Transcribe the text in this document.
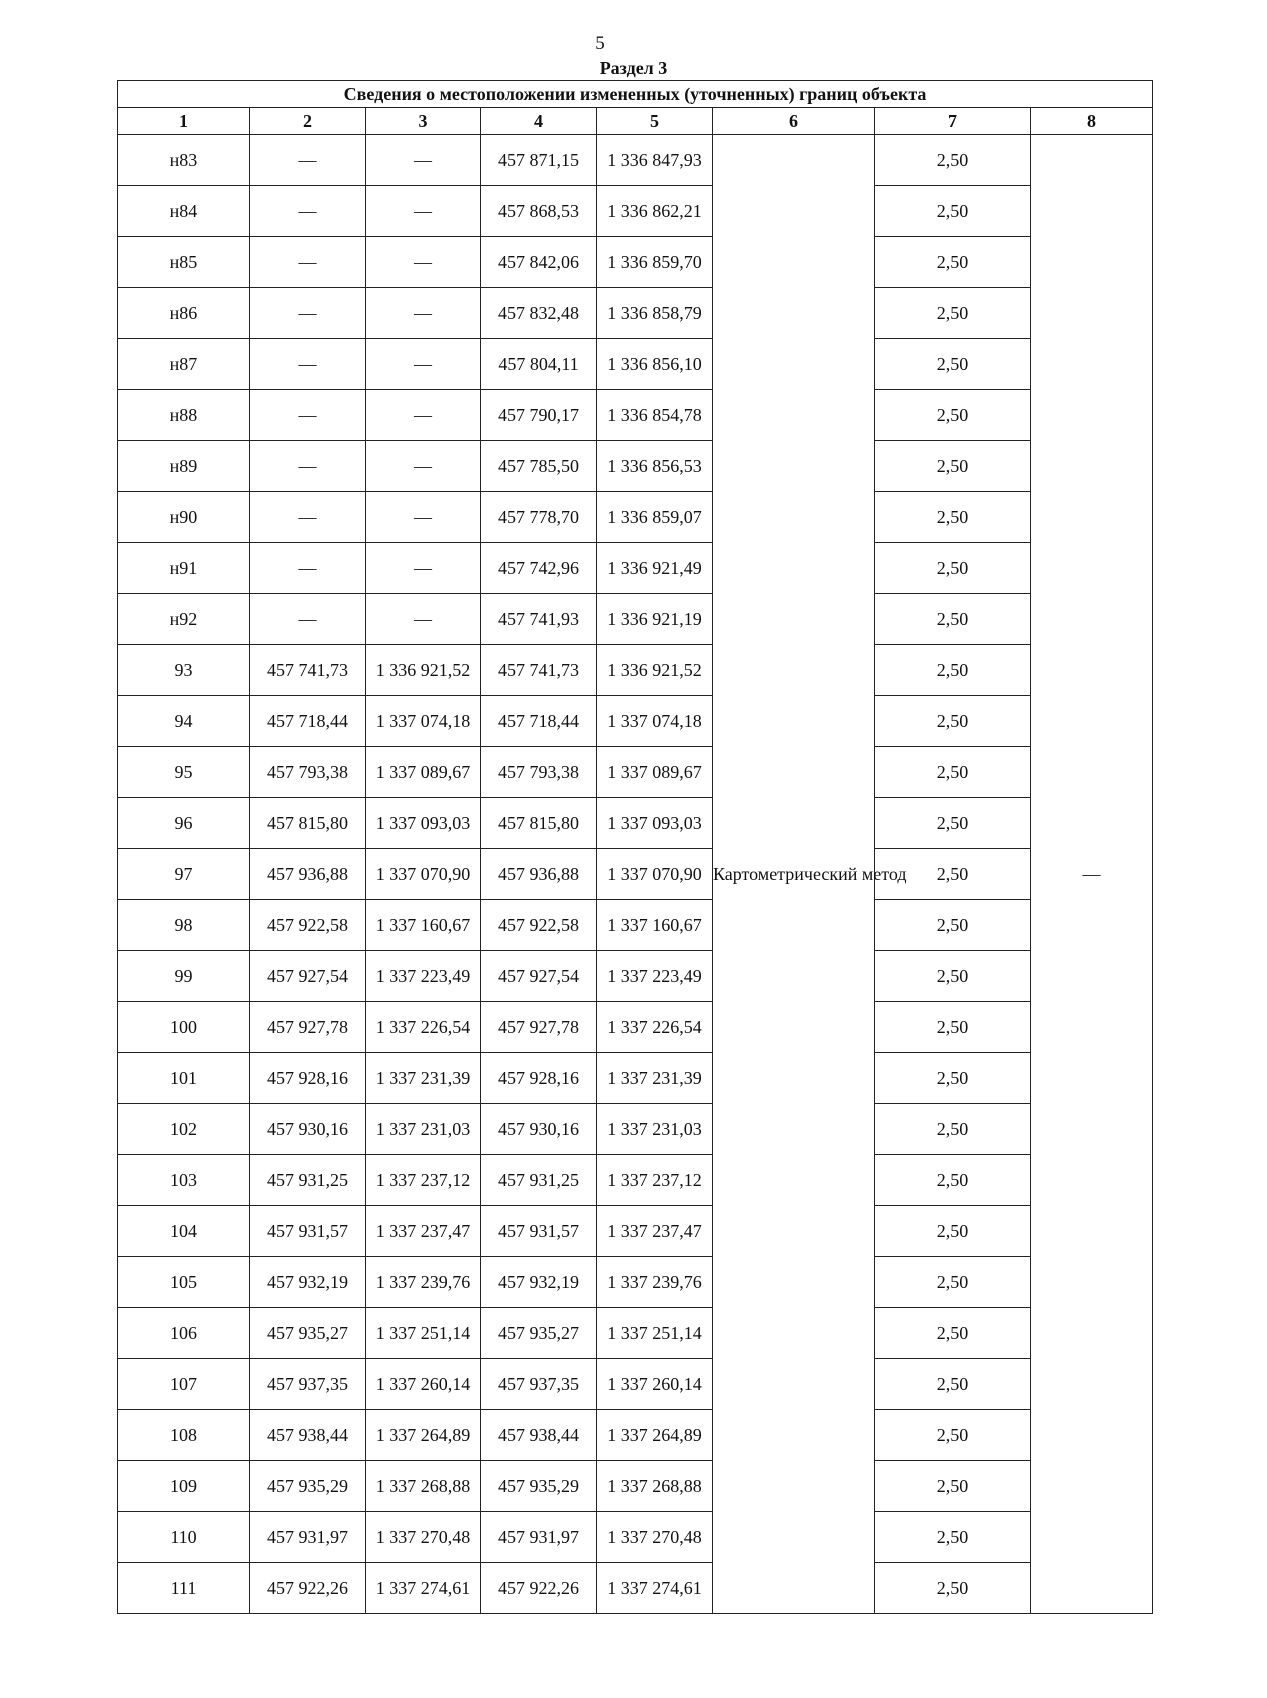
5
Раздел 3
Сведения о местоположении измененных (уточненных) границ объекта							
1	2	3	4	5	6	7	8
н83	—	—	457 871,15	1 336 847,93	Картометрический метод	2,50	—
н84	—	—	457 868,53	1 336 862,21		2,50	
н85	—	—	457 842,06	1 336 859,70		2,50	
н86	—	—	457 832,48	1 336 858,79		2,50	
н87	—	—	457 804,11	1 336 856,10		2,50	
н88	—	—	457 790,17	1 336 854,78		2,50	
н89	—	—	457 785,50	1 336 856,53		2,50	
н90	—	—	457 778,70	1 336 859,07		2,50	
н91	—	—	457 742,96	1 336 921,49		2,50	
н92	—	—	457 741,93	1 336 921,19		2,50	
93	457 741,73	1 336 921,52	457 741,73	1 336 921,52		2,50	
94	457 718,44	1 337 074,18	457 718,44	1 337 074,18		2,50	
95	457 793,38	1 337 089,67	457 793,38	1 337 089,67		2,50	
96	457 815,80	1 337 093,03	457 815,80	1 337 093,03		2,50	
97	457 936,88	1 337 070,90	457 936,88	1 337 070,90		2,50	
98	457 922,58	1 337 160,67	457 922,58	1 337 160,67		2,50	
99	457 927,54	1 337 223,49	457 927,54	1 337 223,49		2,50	
100	457 927,78	1 337 226,54	457 927,78	1 337 226,54		2,50	
101	457 928,16	1 337 231,39	457 928,16	1 337 231,39		2,50	
102	457 930,16	1 337 231,03	457 930,16	1 337 231,03		2,50	
103	457 931,25	1 337 237,12	457 931,25	1 337 237,12		2,50	
104	457 931,57	1 337 237,47	457 931,57	1 337 237,47		2,50	
105	457 932,19	1 337 239,76	457 932,19	1 337 239,76		2,50	
106	457 935,27	1 337 251,14	457 935,27	1 337 251,14		2,50	
107	457 937,35	1 337 260,14	457 937,35	1 337 260,14		2,50	
108	457 938,44	1 337 264,89	457 938,44	1 337 264,89		2,50	
109	457 935,29	1 337 268,88	457 935,29	1 337 268,88		2,50	
110	457 931,97	1 337 270,48	457 931,97	1 337 270,48		2,50	
111	457 922,26	1 337 274,61	457 922,26	1 337 274,61		2,50	
